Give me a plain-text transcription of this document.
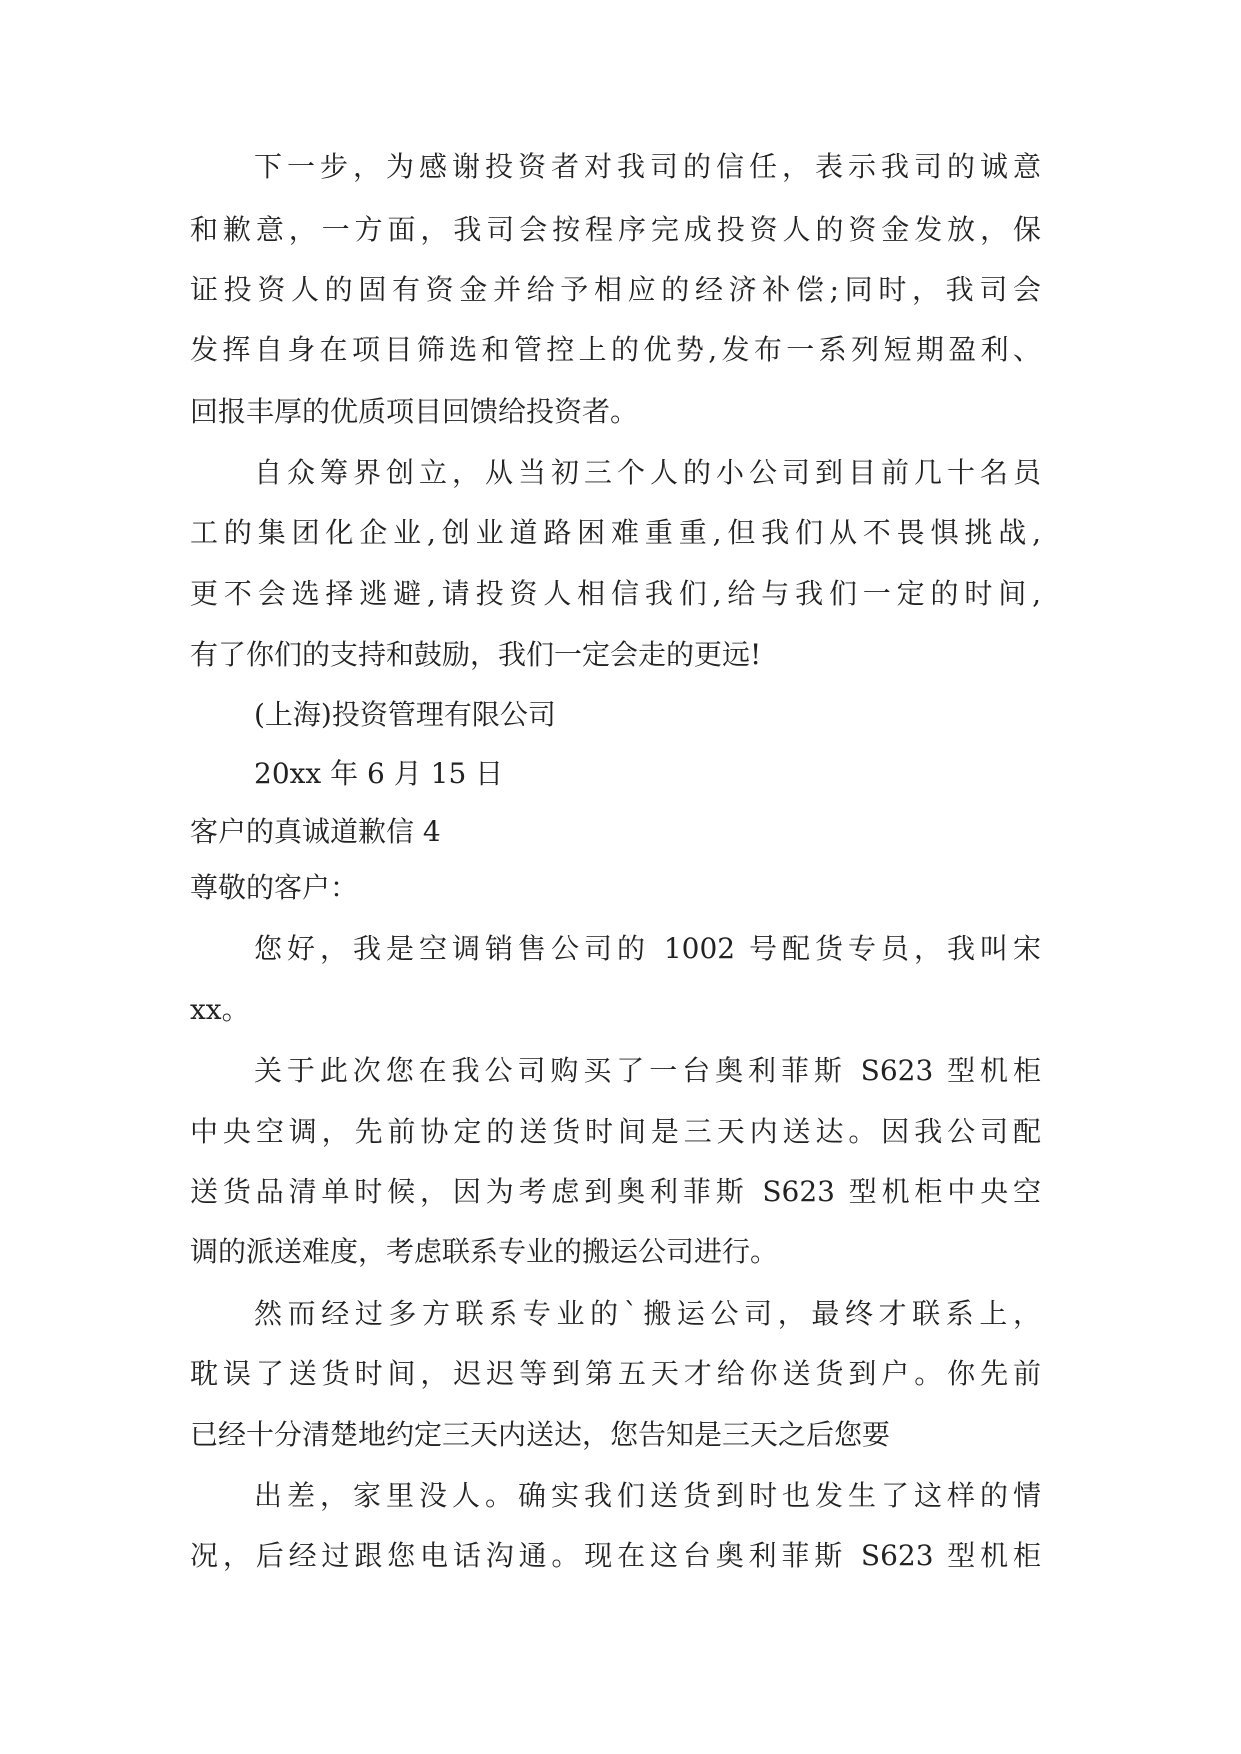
下一步，为感谢投资者对我司的信任，表示我司的诚意
和歉意，一方面，我司会按程序完成投资人的资金发放，保
证投资人的固有资金并给予相应的经济补偿;同时，我司会
发挥自身在项目筛选和管控上的优势,发布一系列短期盈利、
回报丰厚的优质项目回馈给投资者。
自众筹界创立，从当初三个人的小公司到目前几十名员
工的集团化企业,创业道路困难重重,但我们从不畏惧挑战,
更不会选择逃避,请投资人相信我们,给与我们一定的时间,
有了你们的支持和鼓励，我们一定会走的更远!
(上海)投资管理有限公司
20xx 年 6 月 15 日
客户的真诚道歉信 4
尊敬的客户：
您好，我是空调销售公司的 1002 号配货专员，我叫宋
xx。
关于此次您在我公司购买了一台奥利菲斯 S623 型机柜
中央空调，先前协定的送货时间是三天内送达。因我公司配
送货品清单时候，因为考虑到奥利菲斯 S623 型机柜中央空
调的派送难度，考虑联系专业的搬运公司进行。
然而经过多方联系专业的`搬运公司，最终才联系上，
耽误了送货时间，迟迟等到第五天才给你送货到户。你先前
已经十分清楚地约定三天内送达，您告知是三天之后您要
出差，家里没人。确实我们送货到时也发生了这样的情
况，后经过跟您电话沟通。现在这台奥利菲斯 S623 型机柜
